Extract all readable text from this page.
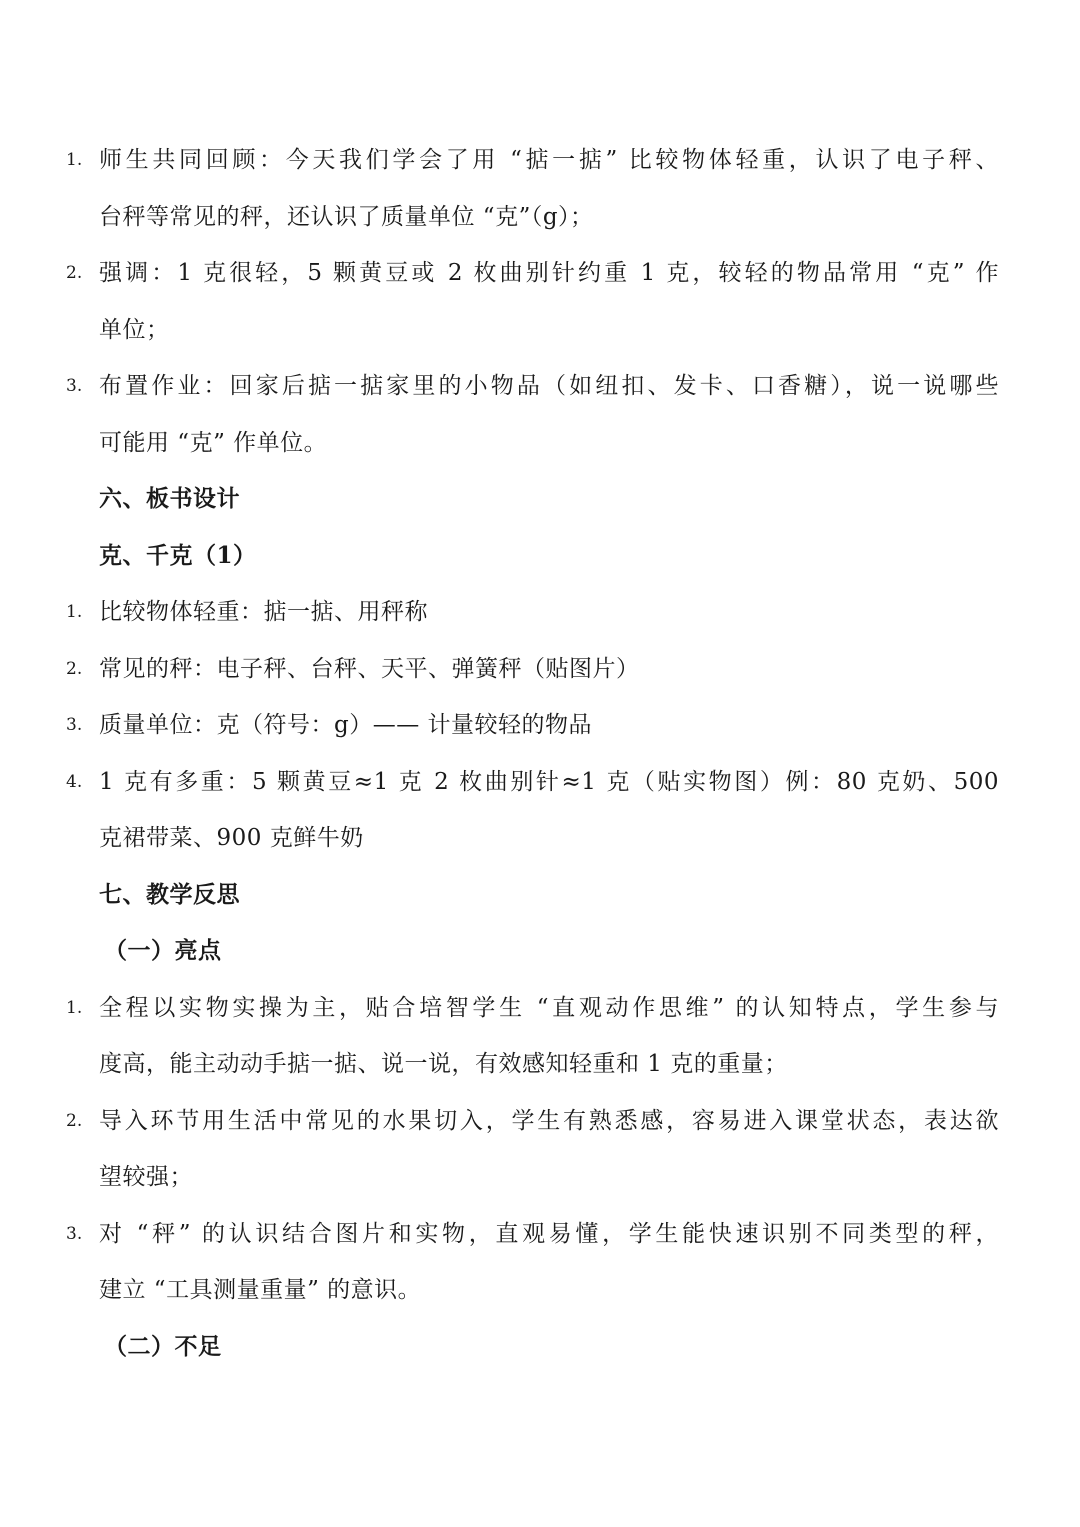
1. 师生共同回顾：今天我们学会了用 “掂一掂” 比较物体轻重，认识了电子秤、
台秤等常见的秤，还认识了质量单位 “克”（g）；
2. 强调：1 克很轻，5 颗黄豆或 2 枚曲别针约重 1 克，较轻的物品常用 “克” 作
单位；
3. 布置作业：回家后掂一掂家里的小物品（如纽扣、发卡、口香糖），说一说哪些
可能用 “克” 作单位。
六、板书设计
克、千克（1）
1. 比较物体轻重：掂一掂、用秤称
2. 常见的秤：电子秤、台秤、天平、弹簧秤（贴图片）
3. 质量单位：克（符号：g）—— 计量较轻的物品
4. 1 克有多重：5 颗黄豆≈1 克 2 枚曲别针≈1 克（贴实物图）例：80 克奶、500
克裙带菜、900 克鲜牛奶
七、教学反思
（一）亮点
1. 全程以实物实操为主，贴合培智学生 “直观动作思维” 的认知特点，学生参与
度高，能主动动手掂一掂、说一说，有效感知轻重和 1 克的重量；
2. 导入环节用生活中常见的水果切入，学生有熟悉感，容易进入课堂状态，表达欲
望较强；
3. 对 “秤” 的认识结合图片和实物，直观易懂，学生能快速识别不同类型的秤，
建立 “工具测量重量” 的意识。
（二）不足
